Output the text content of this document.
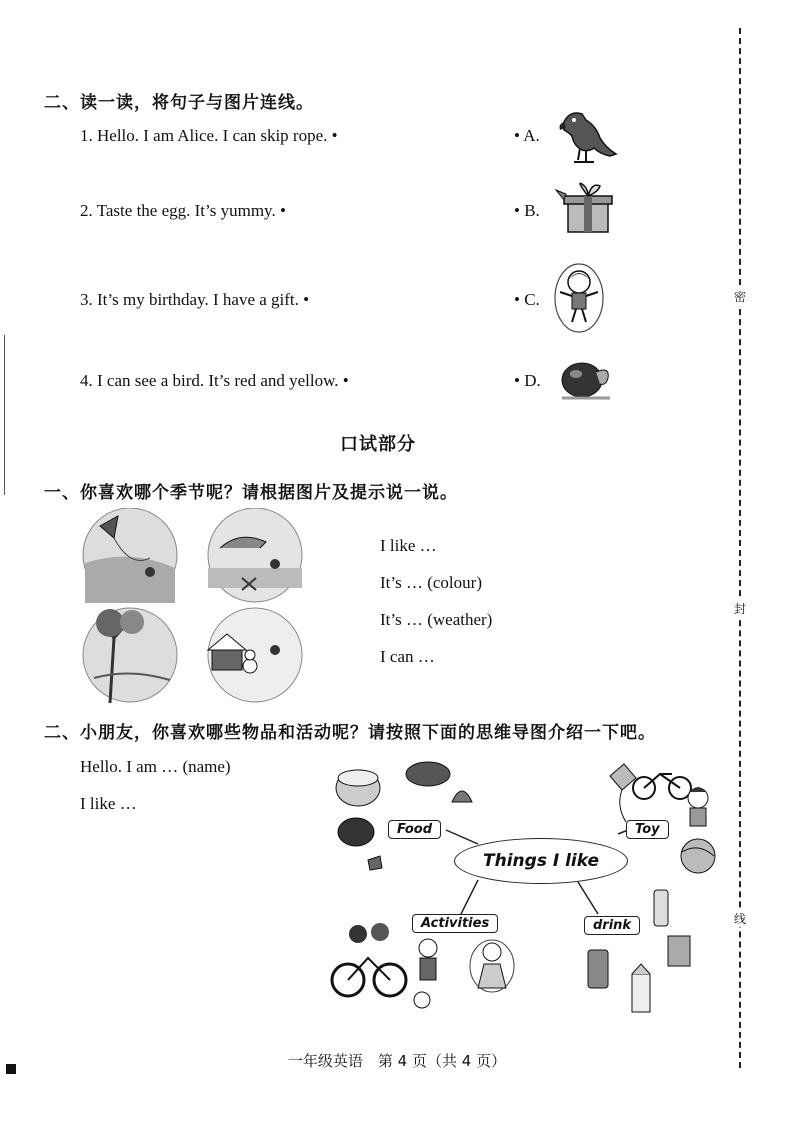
密
封
线
二、读一读，将句子与图片连线。
1. Hello. I am Alice. I can skip rope. •
2. Taste the egg. It’s yummy. •
3. It’s my birthday. I have a gift. •
4. I can see a bird. It’s red and yellow. •
• A.
• B.
• C.
• D.
口试部分
一、你喜欢哪个季节呢？请根据图片及提示说一说。
I like …
It’s … (colour)
It’s … (weather)
I can …
二、小朋友，你喜欢哪些物品和活动呢？请按照下面的思维导图介绍一下吧。
Hello. I am … (name)
I like …
Food	Toy
Activities	drink
Things I like
一年级英语　第 4 页（共 4 页）
